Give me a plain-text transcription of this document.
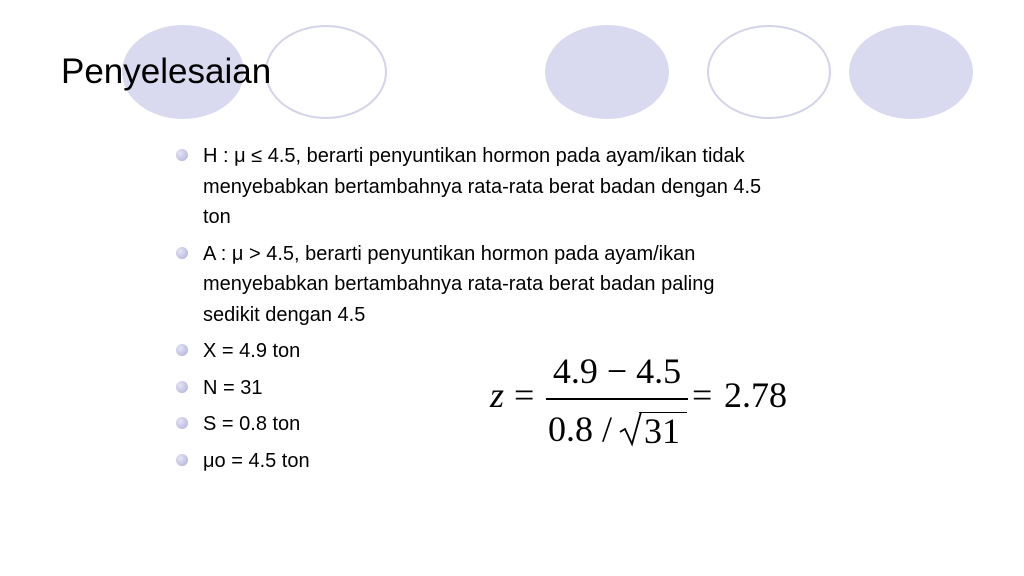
Penyelesaian
H : μ ≤ 4.5, berarti penyuntikan hormon pada ayam/ikan tidak menyebabkan bertambahnya rata-rata berat badan dengan 4.5 ton
A : μ > 4.5, berarti penyuntikan hormon pada ayam/ikan menyebabkan bertambahnya rata-rata berat badan paling sedikit dengan 4.5
X = 4.9 ton
N = 31
S = 0.8 ton
μo = 4.5 ton
z =
4.9 − 4.5
0.8 / 31
= 2.78
